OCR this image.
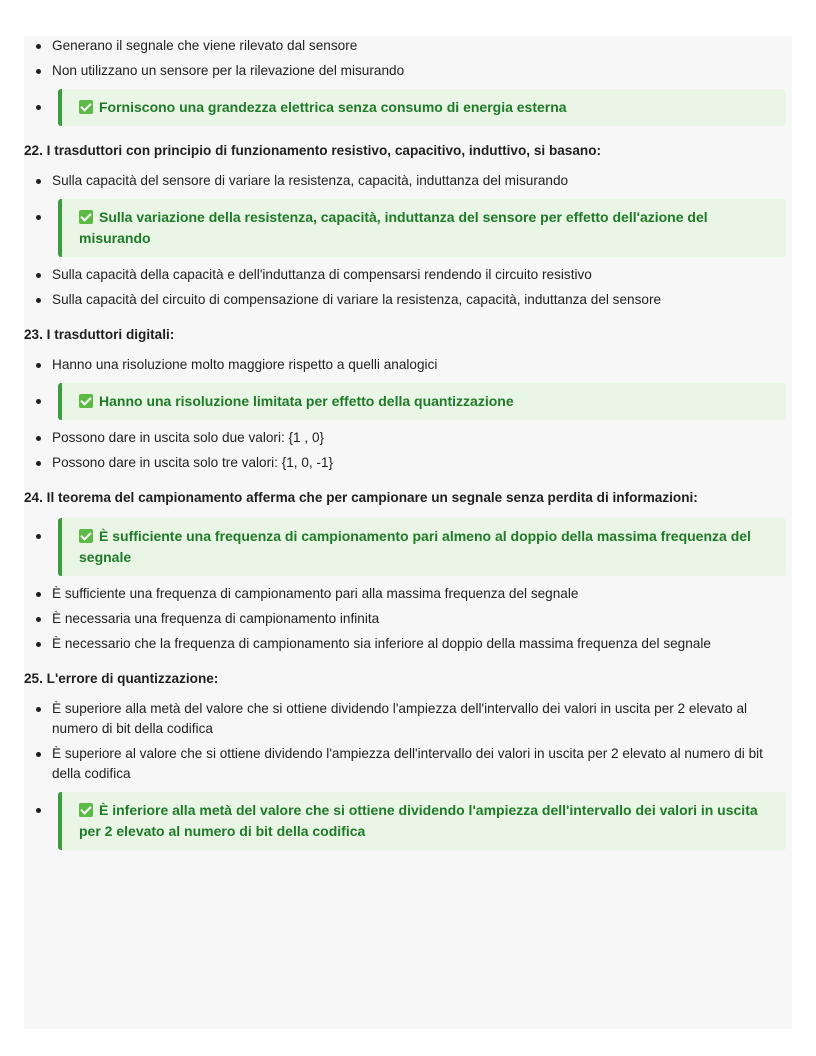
Generano il segnale che viene rilevato dal sensore
Non utilizzano un sensore per la rilevazione del misurando
Forniscono una grandezza elettrica senza consumo di energia esterna
22. I trasduttori con principio di funzionamento resistivo, capacitivo, induttivo, si basano:
Sulla capacità del sensore di variare la resistenza, capacità, induttanza del misurando
Sulla variazione della resistenza, capacità, induttanza del sensore per effetto dell'azione del misurando
Sulla capacità della capacità e dell'induttanza di compensarsi rendendo il circuito resistivo
Sulla capacità del circuito di compensazione di variare la resistenza, capacità, induttanza del sensore
23. I trasduttori digitali:
Hanno una risoluzione molto maggiore rispetto a quelli analogici
Hanno una risoluzione limitata per effetto della quantizzazione
Possono dare in uscita solo due valori: {1 , 0}
Possono dare in uscita solo tre valori: {1, 0, -1}
24. Il teorema del campionamento afferma che per campionare un segnale senza perdita di informazioni:
È sufficiente una frequenza di campionamento pari almeno al doppio della massima frequenza del segnale
È sufficiente una frequenza di campionamento pari alla massima frequenza del segnale
È necessaria una frequenza di campionamento infinita
È necessario che la frequenza di campionamento sia inferiore al doppio della massima frequenza del segnale
25. L'errore di quantizzazione:
È superiore alla metà del valore che si ottiene dividendo l'ampiezza dell'intervallo dei valori in uscita per 2 elevato al numero di bit della codifica
È superiore al valore che si ottiene dividendo l'ampiezza dell'intervallo dei valori in uscita per 2 elevato al numero di bit della codifica
È inferiore alla metà del valore che si ottiene dividendo l'ampiezza dell'intervallo dei valori in uscita per 2 elevato al numero di bit della codifica
